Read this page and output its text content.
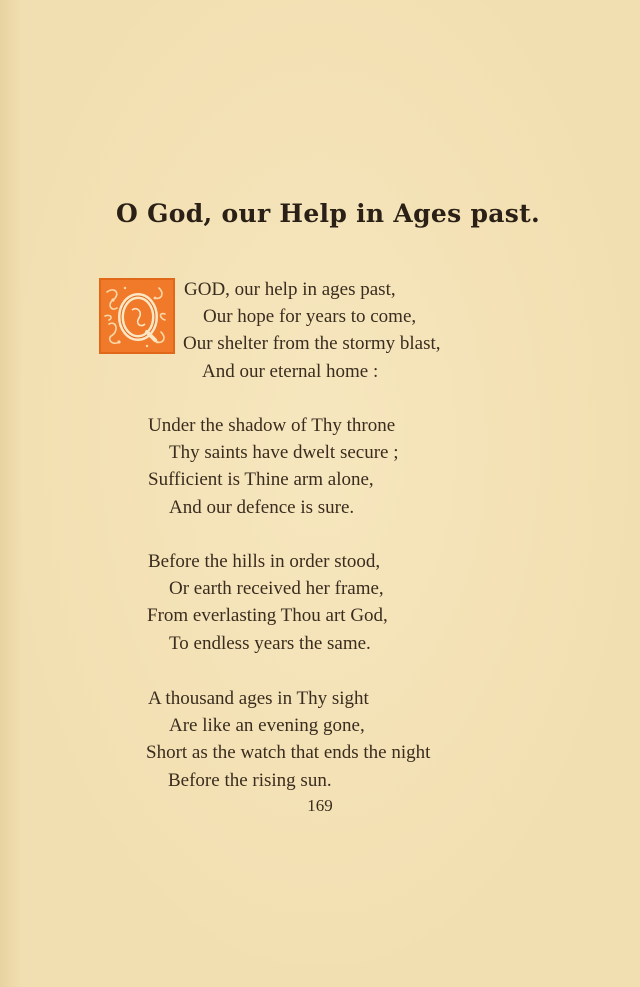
O God, our Help in Ages past.
GOD, our help in ages past,
Our hope for years to come,
Our shelter from the stormy blast,
And our eternal home :
Under the shadow of Thy throne
Thy saints have dwelt secure ;
Sufficient is Thine arm alone,
And our defence is sure.
Before the hills in order stood,
Or earth received her frame,
From everlasting Thou art God,
To endless years the same.
A thousand ages in Thy sight
Are like an evening gone,
Short as the watch that ends the night
Before the rising sun.
169
